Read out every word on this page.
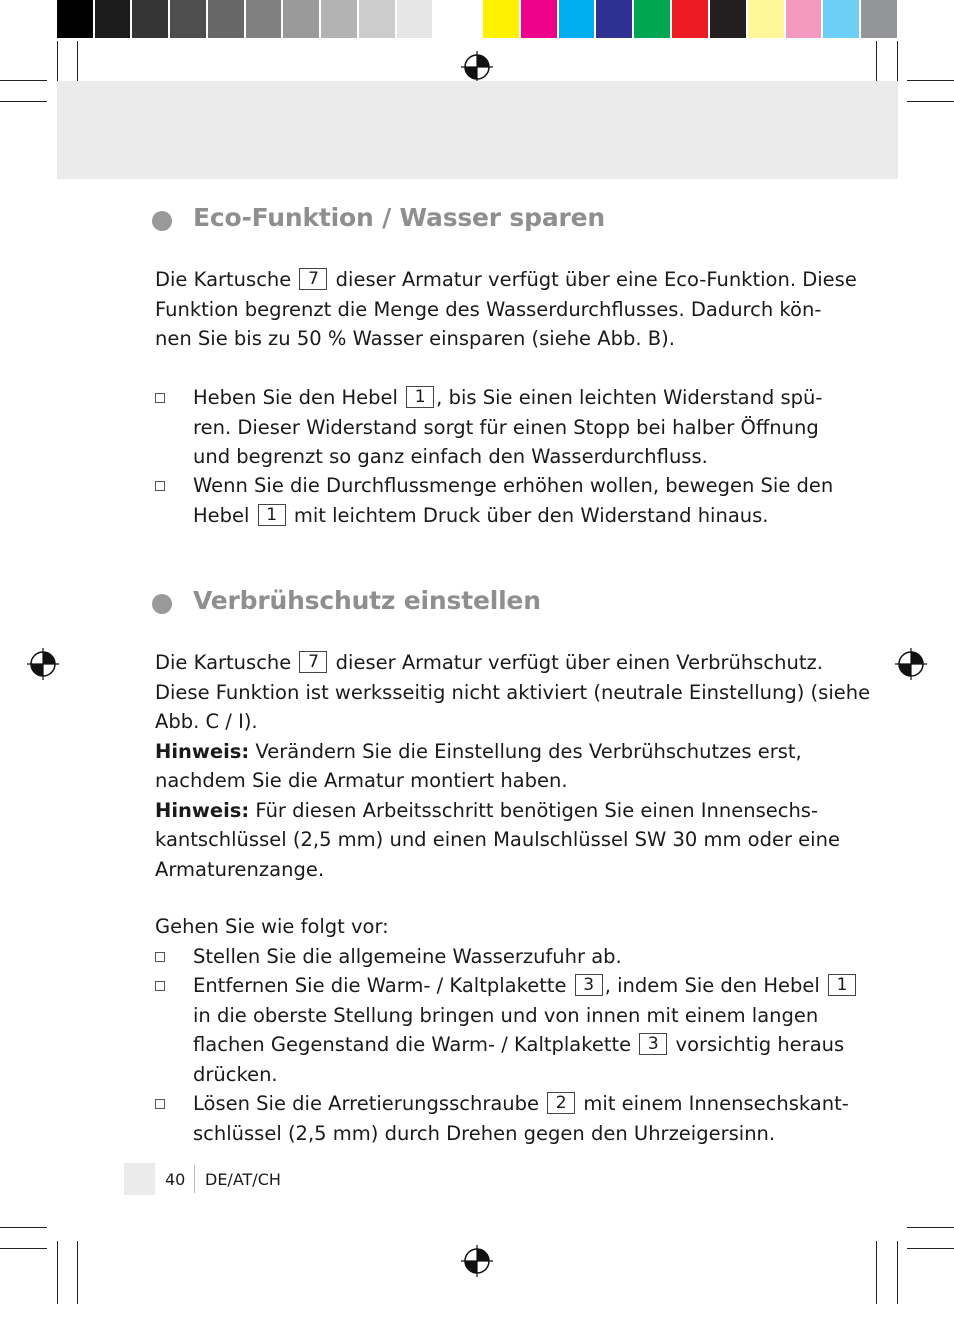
Eco-Funktion / Wasser sparen
Die Kartusche 7 dieser Armatur verfügt über eine Eco-Funktion. Diese
Funktion begrenzt die Menge des Wasserdurchflusses. Dadurch kön-
nen Sie bis zu 50 % Wasser einsparen (siehe Abb. B).
Heben Sie den Hebel 1 , bis Sie einen leichten Widerstand spü-
ren. Dieser Widerstand sorgt für einen Stopp bei halber Öffnung
und begrenzt so ganz einfach den Wasserdurchfluss.
Wenn Sie die Durchflussmenge erhöhen wollen, bewegen Sie den
Hebel 1 mit leichtem Druck über den Widerstand hinaus.
Verbrühschutz einstellen
Die Kartusche 7 dieser Armatur verfügt über einen Verbrühschutz.
Diese Funktion ist werksseitig nicht aktiviert (neutrale Einstellung) (siehe
Abb. C / I).
Hinweis: Verändern Sie die Einstellung des Verbrühschutzes erst,
nachdem Sie die Armatur montiert haben.
Hinweis: Für diesen Arbeitsschritt benötigen Sie einen Innensechs-
kantschlüssel (2,5 mm) und einen Maulschlüssel SW 30 mm oder eine
Armaturenzange.
Gehen Sie wie folgt vor:
Stellen Sie die allgemeine Wasserzufuhr ab.
Entfernen Sie die Warm- / Kaltplakette 3 , indem Sie den Hebel 1
in die oberste Stellung bringen und von innen mit einem langen
flachen Gegenstand die Warm- / Kaltplakette 3 vorsichtig heraus
drücken.
Lösen Sie die Arretierungsschraube 2 mit einem Innensechskant-
schlüssel (2,5 mm) durch Drehen gegen den Uhrzeigersinn.
40 DE/AT/CH
